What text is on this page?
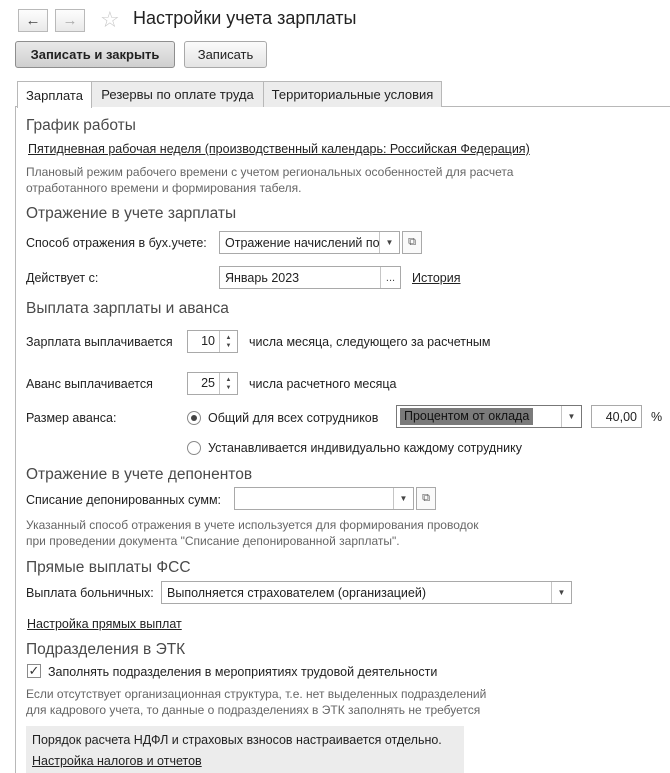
← → ☆ Настройки учета зарплаты
Записать и закрыть	Записать
Зарплата	Резервы по оплате труда	Территориальные условия
График работы
Пятидневная рабочая неделя (производственный календарь: Российская Федерация)
Плановый режим рабочего времени с учетом региональных особенностей для расчета
отработанного времени и формирования табеля.
Отражение в учете зарплаты
Способ отражения в бух.учете: Отражение начислений по ▼	⧉
Действует с:	Январь 2023	...	История
Выплата зарплаты и аванса
Зарплата выплачивается 10 ▲
▼ числа месяца, следующего за расчетным
Аванс выплачивается	25 ▲
▼ числа расчетного месяца
Размер аванса:	Общий для всех сотрудников	Процентом от оклада	▼	40,00 %
Устанавливается индивидуально каждому сотруднику
Отражение в учете депонентов
Списание депонированных сумм:	▼	⧉
Указанный способ отражения в учете используется для формирования проводок
при проведении документа "Списание депонированной зарплаты".
Прямые выплаты ФСС
Выплата больничных: Выполняется страхователем (организацией)	▼
Настройка прямых выплат
Подразделения в ЭТК
✓ Заполнять подразделения в мероприятиях трудовой деятельности
Если отсутствует организационная структура, т.е. нет выделенных подразделений
для кадрового учета, то данные о подразделениях в ЭТК заполнять не требуется
Порядок расчета НДФЛ и страховых взносов настраивается отдельно.
Настройка налогов и отчетов
